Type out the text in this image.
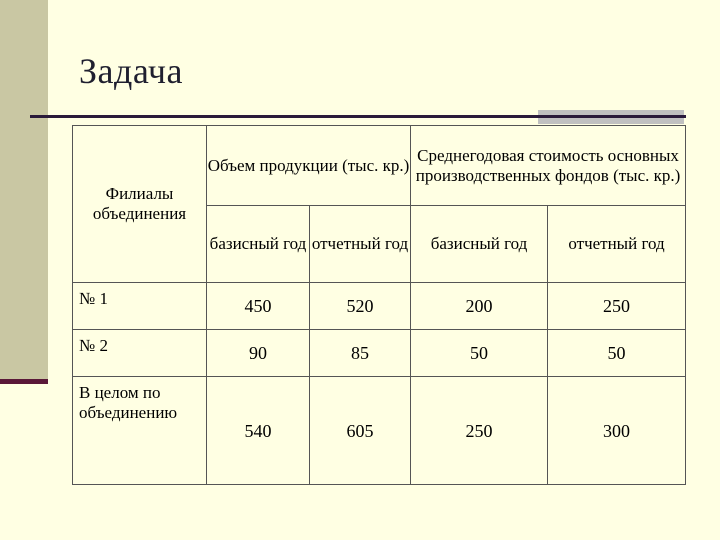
Задача
Филиалы объединения	Объем продукции (тыс. кр.)		Среднегодовая стоимость основных производственных фондов (тыс. кр.)	
	базисный год	отчетный год	базисный год	отчетный год
№ 1	450	520	200	250
№ 2	90	85	50	50
В целом по объединению	540	605	250	300
